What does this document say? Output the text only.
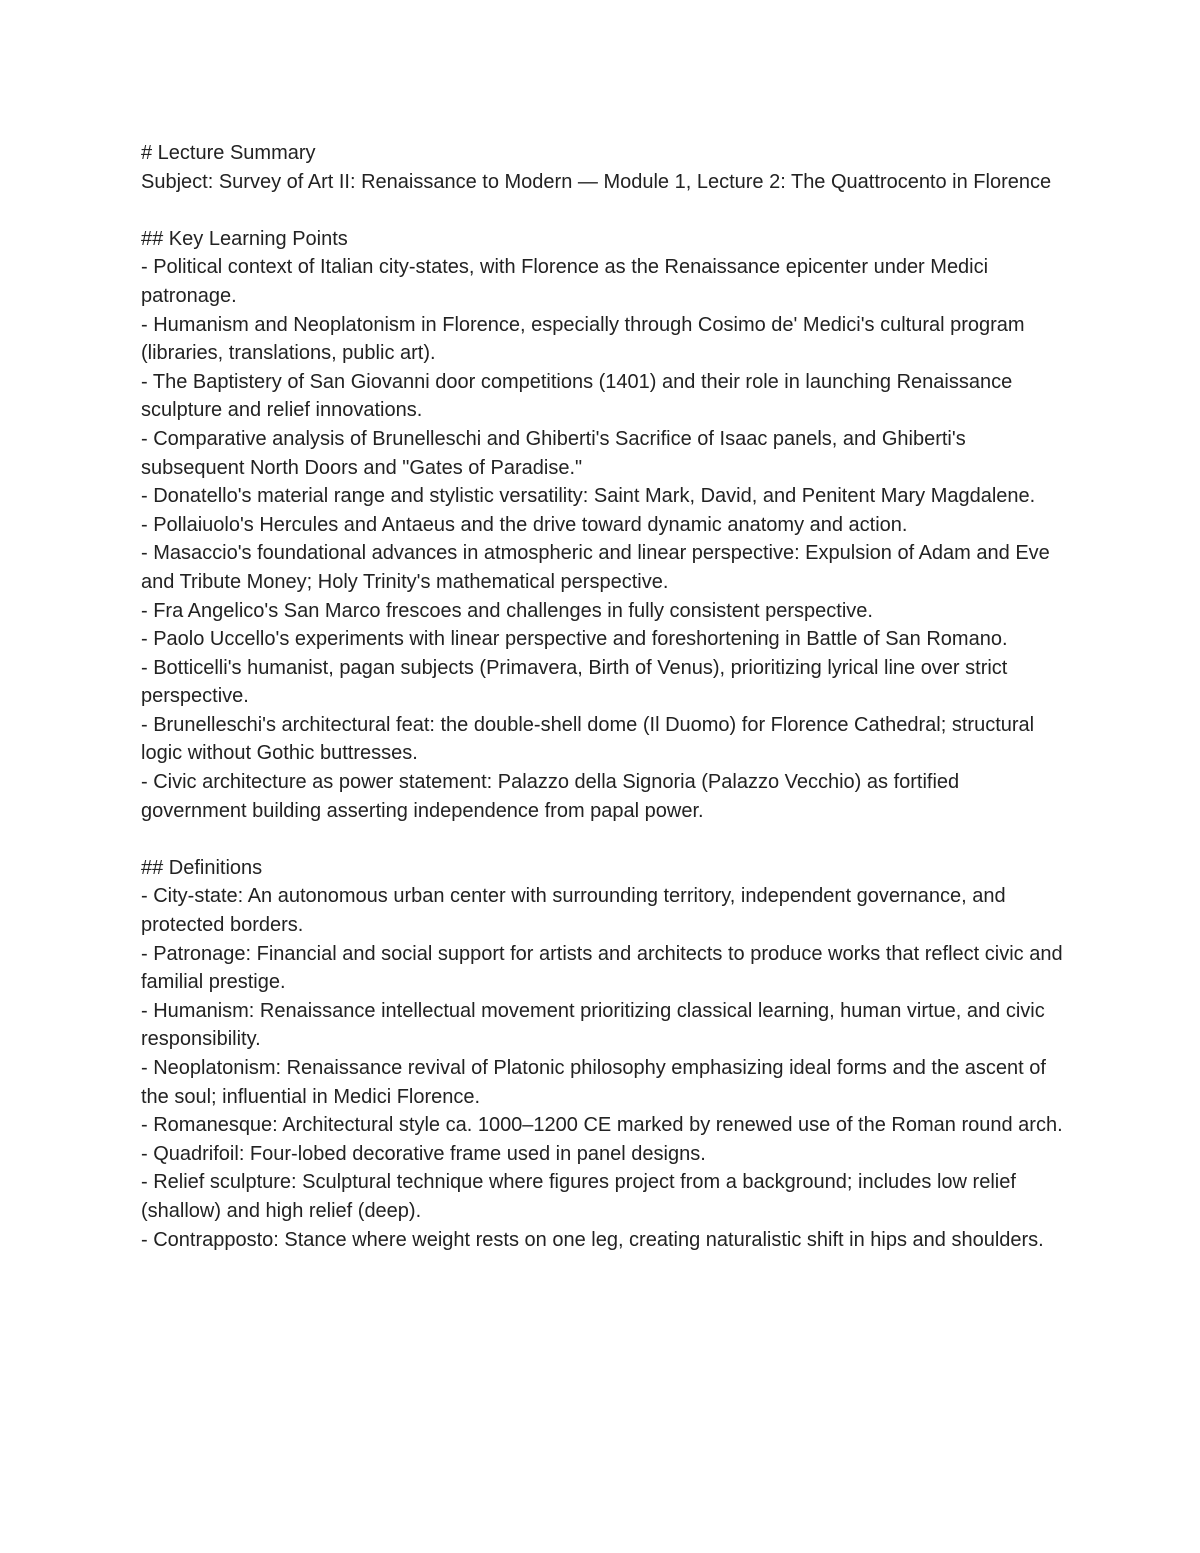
# Lecture Summary

Subject: Survey of Art II: Renaissance to Modern — Module 1, Lecture 2: The Quattrocento in Florence

## Key Learning Points

- Political context of Italian city-states, with Florence as the Renaissance epicenter under Medici patronage.

- Humanism and Neoplatonism in Florence, especially through Cosimo de' Medici's cultural program (libraries, translations, public art).

- The Baptistery of San Giovanni door competitions (1401) and their role in launching Renaissance sculpture and relief innovations.

- Comparative analysis of Brunelleschi and Ghiberti's Sacrifice of Isaac panels, and Ghiberti's subsequent North Doors and "Gates of Paradise."

- Donatello's material range and stylistic versatility: Saint Mark, David, and Penitent Mary Magdalene.

- Pollaiuolo's Hercules and Antaeus and the drive toward dynamic anatomy and action.

- Masaccio's foundational advances in atmospheric and linear perspective: Expulsion of Adam and Eve and Tribute Money; Holy Trinity's mathematical perspective.

- Fra Angelico's San Marco frescoes and challenges in fully consistent perspective.

- Paolo Uccello's experiments with linear perspective and foreshortening in Battle of San Romano.

- Botticelli's humanist, pagan subjects (Primavera, Birth of Venus), prioritizing lyrical line over strict perspective.

- Brunelleschi's architectural feat: the double-shell dome (Il Duomo) for Florence Cathedral; structural logic without Gothic buttresses.

- Civic architecture as power statement: Palazzo della Signoria (Palazzo Vecchio) as fortified government building asserting independence from papal power.

## Definitions

- City-state: An autonomous urban center with surrounding territory, independent governance, and protected borders.

- Patronage: Financial and social support for artists and architects to produce works that reflect civic and familial prestige.

- Humanism: Renaissance intellectual movement prioritizing classical learning, human virtue, and civic responsibility.

- Neoplatonism: Renaissance revival of Platonic philosophy emphasizing ideal forms and the ascent of the soul; influential in Medici Florence.

- Romanesque: Architectural style ca. 1000–1200 CE marked by renewed use of the Roman round arch.

- Quadrifoil: Four-lobed decorative frame used in panel designs.

- Relief sculpture: Sculptural technique where figures project from a background; includes low relief (shallow) and high relief (deep).

- Contrapposto: Stance where weight rests on one leg, creating naturalistic shift in hips and shoulders.
